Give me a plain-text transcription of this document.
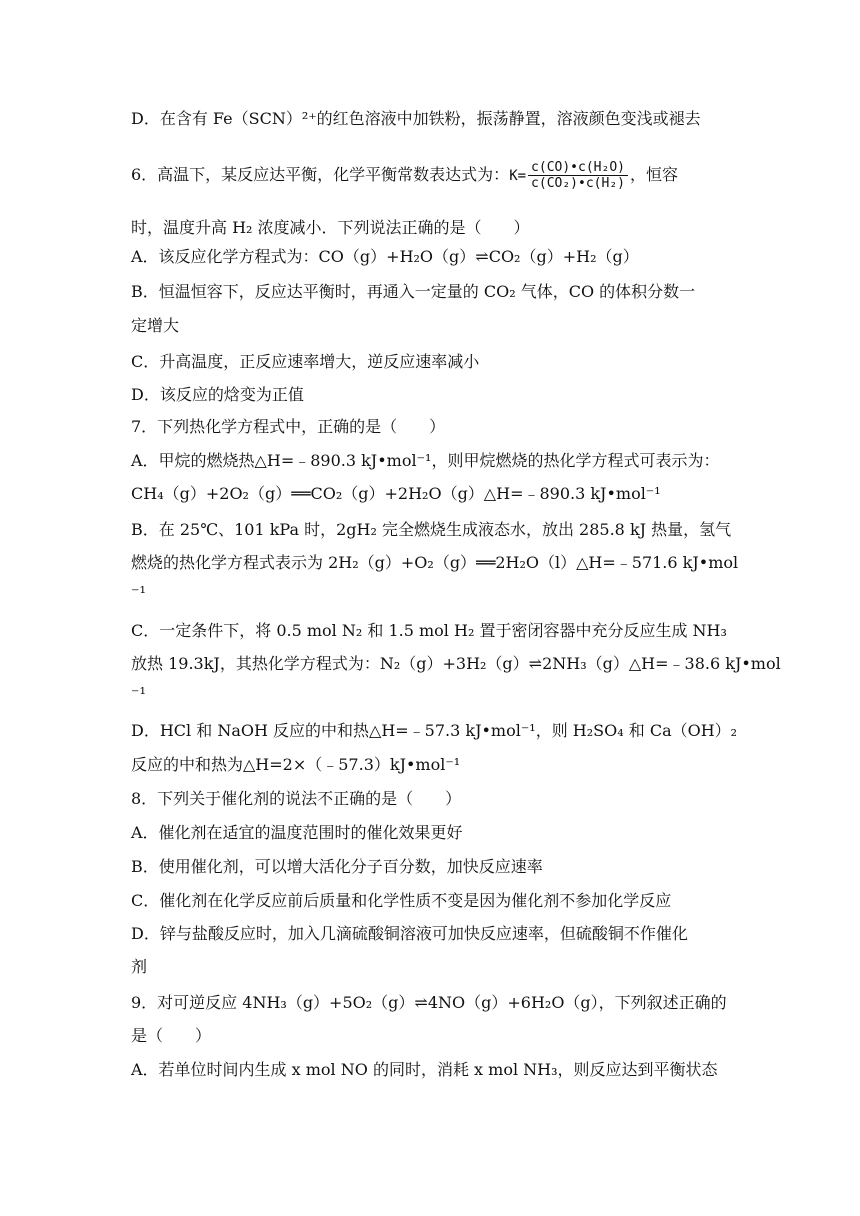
D．在含有 Fe（SCN）²⁺的红色溶液中加铁粉，振荡静置，溶液颜色变浅或褪去
时，温度升高 H₂ 浓度减小．下列说法正确的是（　　）
A．该反应化学方程式为：CO（g）+H₂O（g）⇌CO₂（g）+H₂（g）
B．恒温恒容下，反应达平衡时，再通入一定量的 CO₂ 气体，CO 的体积分数一
定增大
C．升高温度，正反应速率增大，逆反应速率减小
D．该反应的焓变为正值
7．下列热化学方程式中，正确的是（　　）
A．甲烷的燃烧热△H=﹣890.3 kJ•mol⁻¹，则甲烷燃烧的热化学方程式可表示为：
CH₄（g）+2O₂（g）══CO₂（g）+2H₂O（g）△H=﹣890.3 kJ•mol⁻¹
B．在 25℃、101 kPa 时，2gH₂ 完全燃烧生成液态水，放出 285.8 kJ 热量，氢气
燃烧的热化学方程式表示为 2H₂（g）+O₂（g）══2H₂O（l）△H=﹣571.6 kJ•mol
⁻¹
C．一定条件下，将 0.5 mol N₂ 和 1.5 mol H₂ 置于密闭容器中充分反应生成 NH₃
放热 19.3kJ，其热化学方程式为：N₂（g）+3H₂（g）⇌2NH₃（g）△H=﹣38.6 kJ•mol
⁻¹
D．HCl 和 NaOH 反应的中和热△H=﹣57.3 kJ•mol⁻¹，则 H₂SO₄ 和 Ca（OH）₂
反应的中和热为△H=2×（﹣57.3）kJ•mol⁻¹
8．下列关于催化剂的说法不正确的是（　　）
A．催化剂在适宜的温度范围时的催化效果更好
B．使用催化剂，可以增大活化分子百分数，加快反应速率
C．催化剂在化学反应前后质量和化学性质不变是因为催化剂不参加化学反应
D．锌与盐酸反应时，加入几滴硫酸铜溶液可加快反应速率，但硫酸铜不作催化
剂
9．对可逆反应 4NH₃（g）+5O₂（g）⇌4NO（g）+6H₂O（g），下列叙述正确的
是（　　）
A．若单位时间内生成 x mol NO 的同时，消耗 x mol NH₃，则反应达到平衡状态
6．高温下，某反应达平衡，化学平衡常数表达式为：$K= \frac{\text{c(CO)•c(H₂O)}}{\text{c(CO₂)•c(H₂)}}$ ，恒容
